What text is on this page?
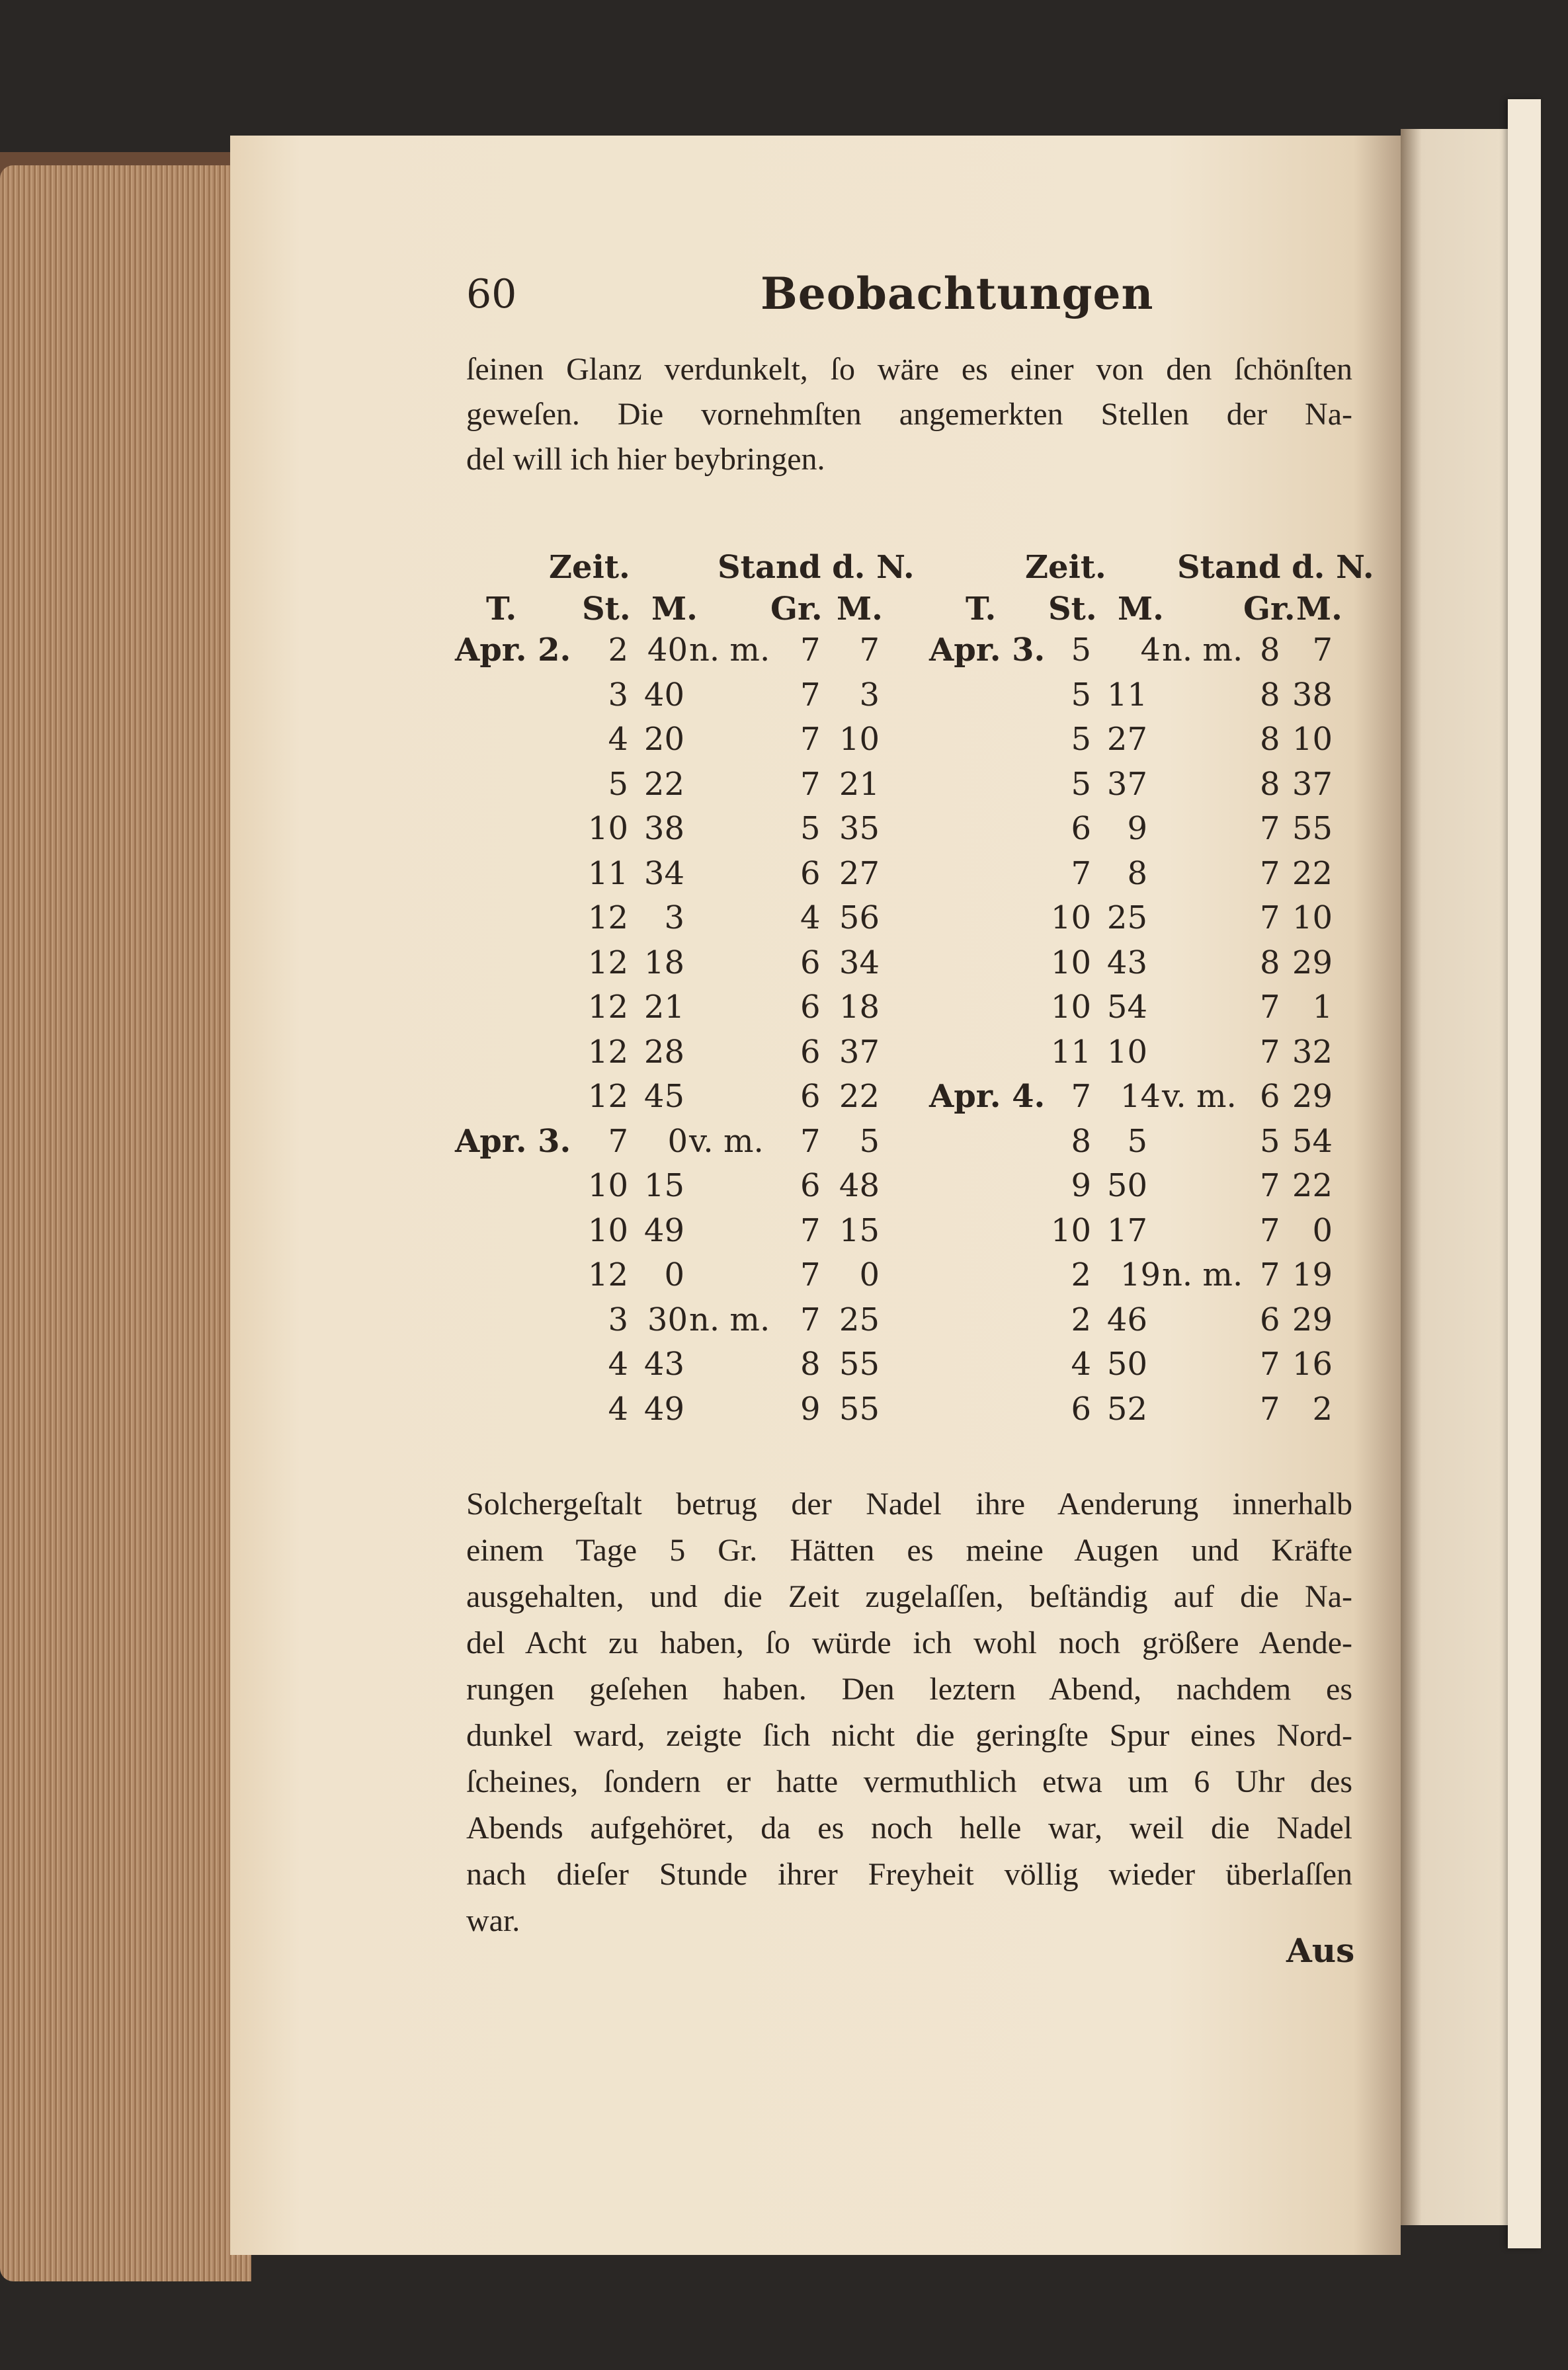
60	Beobachtungen
ſeinen Glanz verdunkelt, ſo wäre es einer von den ſchönſten
geweſen. Die vornehmſten angemerkten Stellen der Na-
del will ich hier beybringen.
Zeit.	Stand d. N.
T. St. M. Gr. M.
Zeit. Stand d. N.
T. St. M.	Gr. M.
Apr. 2. 2 40 n. m. 7 7
3 40	7 3
4 20	7 10
5 22	7 21
10 38	5 35
11 34	6 27
12 3	4 56
12 18	6 34
12 21	6 18
12 28	6 37
12 45	6 22
Apr. 3. 7 0 v. m. 7 5
10 15	6 48
10 49	7 15
12 0	7 0
3 30 n. m. 7 25
4 43	8 55
4 49	9 55
Apr. 3. 5 4 n. m. 8 7
5 11	8 38
5 27	8 10
5 37	8 37
6 9	7 55
7 8	7 22
10 25	7 10
10 43	8 29
10 54	7 1
11 10	7 32
Apr. 4. 7 14 v. m. 6 29
8 5	5 54
9 50	7 22
10 17	7 0
2 19 n. m. 7 19
2 46	6 29
4 50	7 16
6 52	7 2
Solchergeſtalt betrug der Nadel ihre Aenderung innerhalb
einem Tage 5 Gr. Hätten es meine Augen und Kräfte
ausgehalten, und die Zeit zugelaſſen, beſtändig auf die Na-
del Acht zu haben, ſo würde ich wohl noch größere Aende-
rungen geſehen haben. Den leztern Abend, nachdem es
dunkel ward, zeigte ſich nicht die geringſte Spur eines Nord-
ſcheines, ſondern er hatte vermuthlich etwa um 6 Uhr des
Abends aufgehöret, da es noch helle war, weil die Nadel
nach dieſer Stunde ihrer Freyheit völlig wieder überlaſſen
war.
Aus
